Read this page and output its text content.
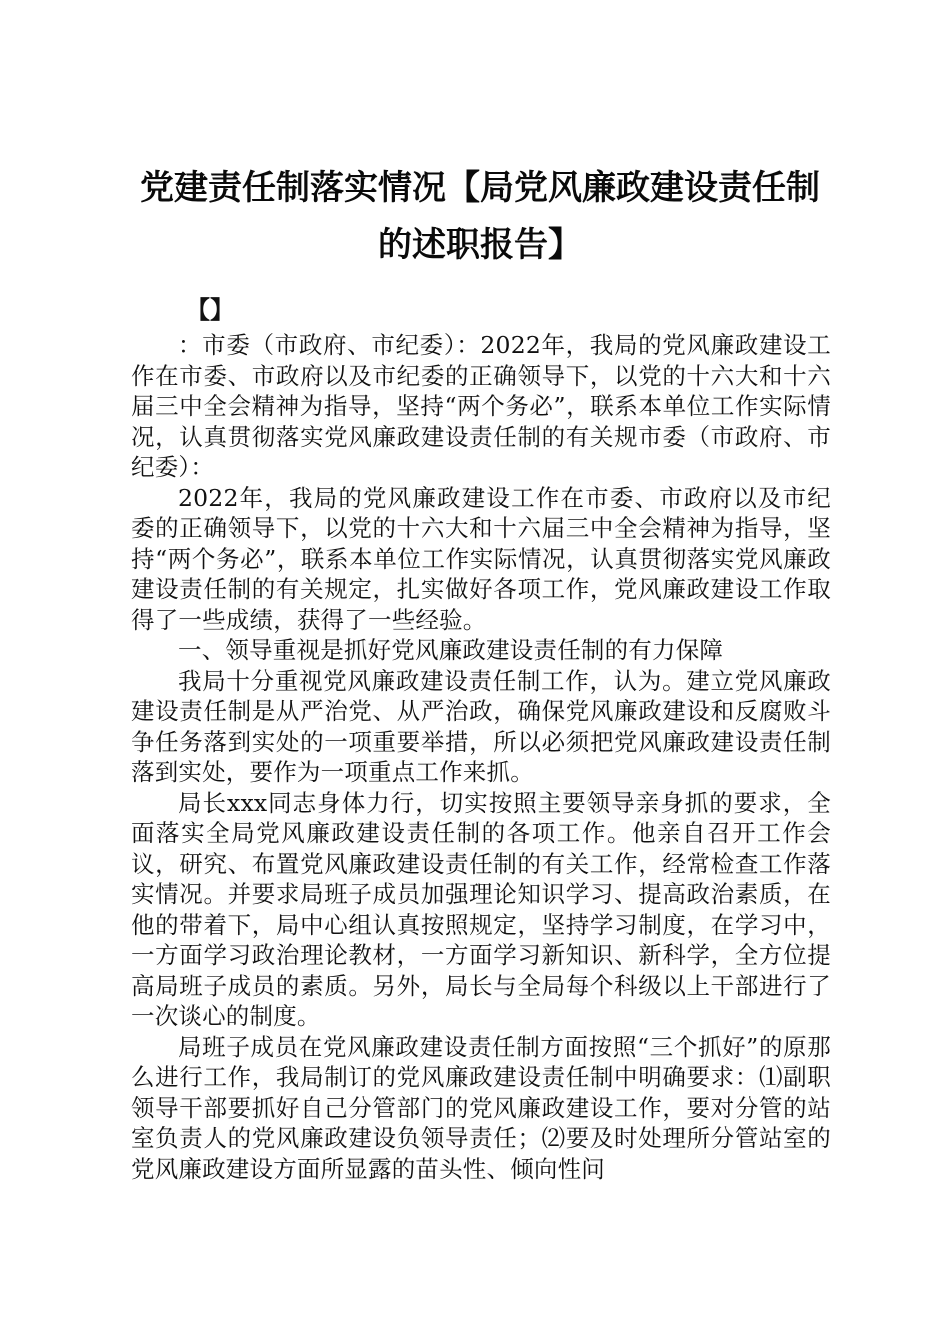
党建责任制落实情况【局党风廉政建设责任制
的述职报告】

【】

：市委（市政府、市纪委）：2022年，我局的党风廉政建设工作在市委、市政府以及市纪委的正确领导下，以党的十六大和十六届三中全会精神为指导，坚持“两个务必”，联系本单位工作实际情况，认真贯彻落实党风廉政建设责任制的有关规市委（市政府、市纪委）：

2022年，我局的党风廉政建设工作在市委、市政府以及市纪委的正确领导下，以党的十六大和十六届三中全会精神为指导，坚持“两个务必”，联系本单位工作实际情况，认真贯彻落实党风廉政建设责任制的有关规定，扎实做好各项工作，党风廉政建设工作取得了一些成绩，获得了一些经验。

一、领导重视是抓好党风廉政建设责任制的有力保障

我局十分重视党风廉政建设责任制工作，认为。建立党风廉政建设责任制是从严治党、从严治政，确保党风廉政建设和反腐败斗争任务落到实处的一项重要举措，所以必须把党风廉政建设责任制落到实处，要作为一项重点工作来抓。

局长xxx同志身体力行，切实按照主要领导亲身抓的要求，全面落实全局党风廉政建设责任制的各项工作。他亲自召开工作会议，研究、布置党风廉政建设责任制的有关工作，经常检查工作落实情况。并要求局班子成员加强理论知识学习、提高政治素质，在他的带着下，局中心组认真按照规定，坚持学习制度，在学习中，一方面学习政治理论教材，一方面学习新知识、新科学，全方位提高局班子成员的素质。另外，局长与全局每个科级以上干部进行了一次谈心的制度。

局班子成员在党风廉政建设责任制方面按照“三个抓好”的原那么进行工作，我局制订的党风廉政建设责任制中明确要求：⑴副职领导干部要抓好自己分管部门的党风廉政建设工作，要对分管的站室负责人的党风廉政建设负领导责任；⑵要及时处理所分管站室的党风廉政建设方面所显露的苗头性、倾向性问
